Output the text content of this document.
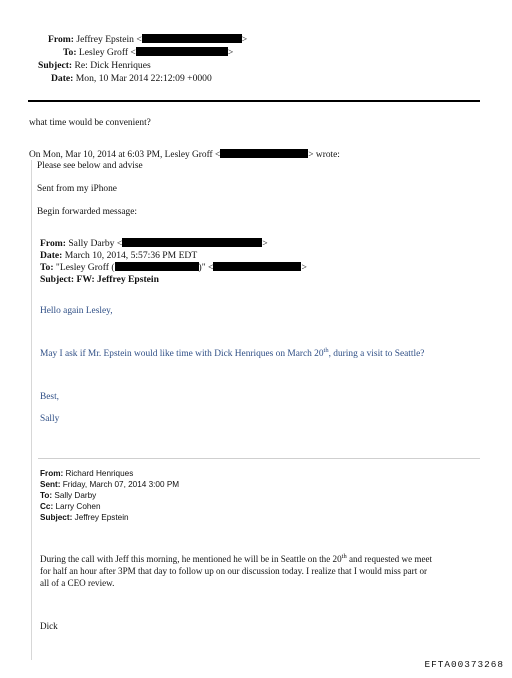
From: Jeffrey Epstein <	>
To: Lesley Groff <	>
Subject: Re: Dick Henriques
Date: Mon, 10 Mar 2014 22:12:09 +0000
what time would be convenient?
On Mon, Mar 10, 2014 at 6:03 PM, Lesley Groff <	> wrote:
Please see below and advise
Sent from my iPhone
Begin forwarded message:
From: Sally Darby <	>
Date: March 10, 2014, 5:57:36 PM EDT
To: "Lesley Groff (	)" <	>
Subject: FW: Jeffrey Epstein
Hello again Lesley,
May I ask if Mr. Epstein would like time with Dick Henriques on March 20th, during a visit to Seattle?
Best,
Sally
From: Richard Henriques
Sent: Friday, March 07, 2014 3:00 PM
To: Sally Darby
Cc: Larry Cohen
Subject: Jeffrey Epstein
During the call with Jeff this morning, he mentioned he will be in Seattle on the 20th and requested we meet
for half an hour after 3PM that day to follow up on our discussion today. I realize that I would miss part or
all of a CEO review.
Dick
EFTA00373268
